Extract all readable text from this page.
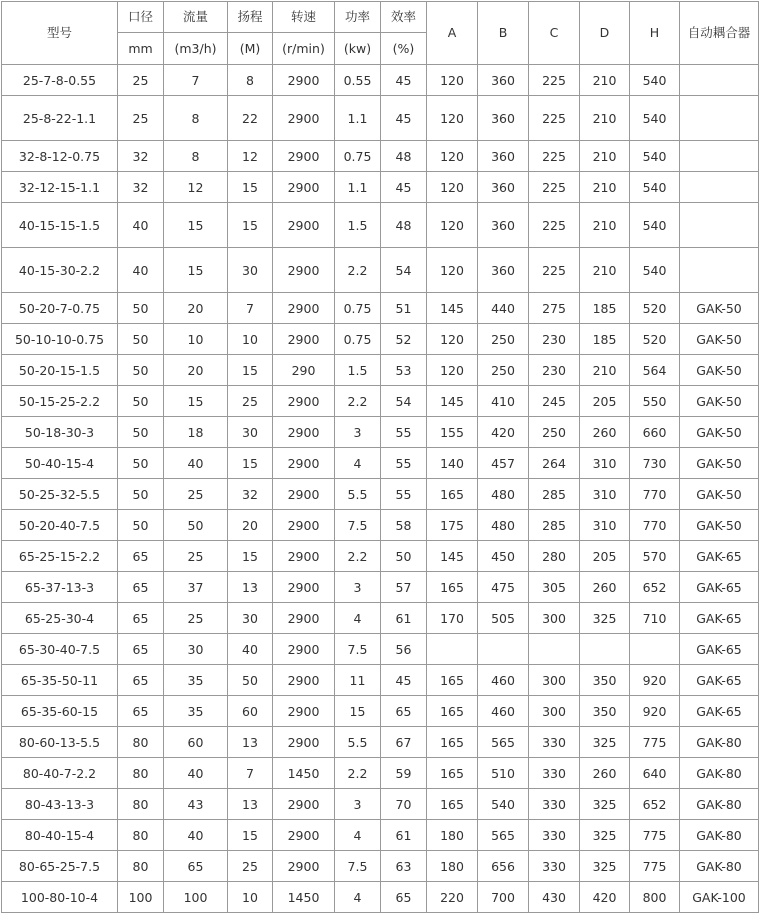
型号	口径	流量	扬程	转速	功率	效率	A	B	C	D	H	自动耦合器
	mm	(m3/h)	(M)	(r/min)	(kw)	(%)						
25-7-8-0.55	25	7	8	2900	0.55	45	120	360	225	210	540	
25-8-22-1.1	25	8	22	2900	1.1	45	120	360	225	210	540	
32-8-12-0.75	32	8	12	2900	0.75	48	120	360	225	210	540	
32-12-15-1.1	32	12	15	2900	1.1	45	120	360	225	210	540	
40-15-15-1.5	40	15	15	2900	1.5	48	120	360	225	210	540	
40-15-30-2.2	40	15	30	2900	2.2	54	120	360	225	210	540	
50-20-7-0.75	50	20	7	2900	0.75	51	145	440	275	185	520	GAK-50
50-10-10-0.75	50	10	10	2900	0.75	52	120	250	230	185	520	GAK-50
50-20-15-1.5	50	20	15	290	1.5	53	120	250	230	210	564	GAK-50
50-15-25-2.2	50	15	25	2900	2.2	54	145	410	245	205	550	GAK-50
50-18-30-3	50	18	30	2900	3	55	155	420	250	260	660	GAK-50
50-40-15-4	50	40	15	2900	4	55	140	457	264	310	730	GAK-50
50-25-32-5.5	50	25	32	2900	5.5	55	165	480	285	310	770	GAK-50
50-20-40-7.5	50	50	20	2900	7.5	58	175	480	285	310	770	GAK-50
65-25-15-2.2	65	25	15	2900	2.2	50	145	450	280	205	570	GAK-65
65-37-13-3	65	37	13	2900	3	57	165	475	305	260	652	GAK-65
65-25-30-4	65	25	30	2900	4	61	170	505	300	325	710	GAK-65
65-30-40-7.5	65	30	40	2900	7.5	56						GAK-65
65-35-50-11	65	35	50	2900	11	45	165	460	300	350	920	GAK-65
65-35-60-15	65	35	60	2900	15	65	165	460	300	350	920	GAK-65
80-60-13-5.5	80	60	13	2900	5.5	67	165	565	330	325	775	GAK-80
80-40-7-2.2	80	40	7	1450	2.2	59	165	510	330	260	640	GAK-80
80-43-13-3	80	43	13	2900	3	70	165	540	330	325	652	GAK-80
80-40-15-4	80	40	15	2900	4	61	180	565	330	325	775	GAK-80
80-65-25-7.5	80	65	25	2900	7.5	63	180	656	330	325	775	GAK-80
100-80-10-4	100	100	10	1450	4	65	220	700	430	420	800	GAK-100
